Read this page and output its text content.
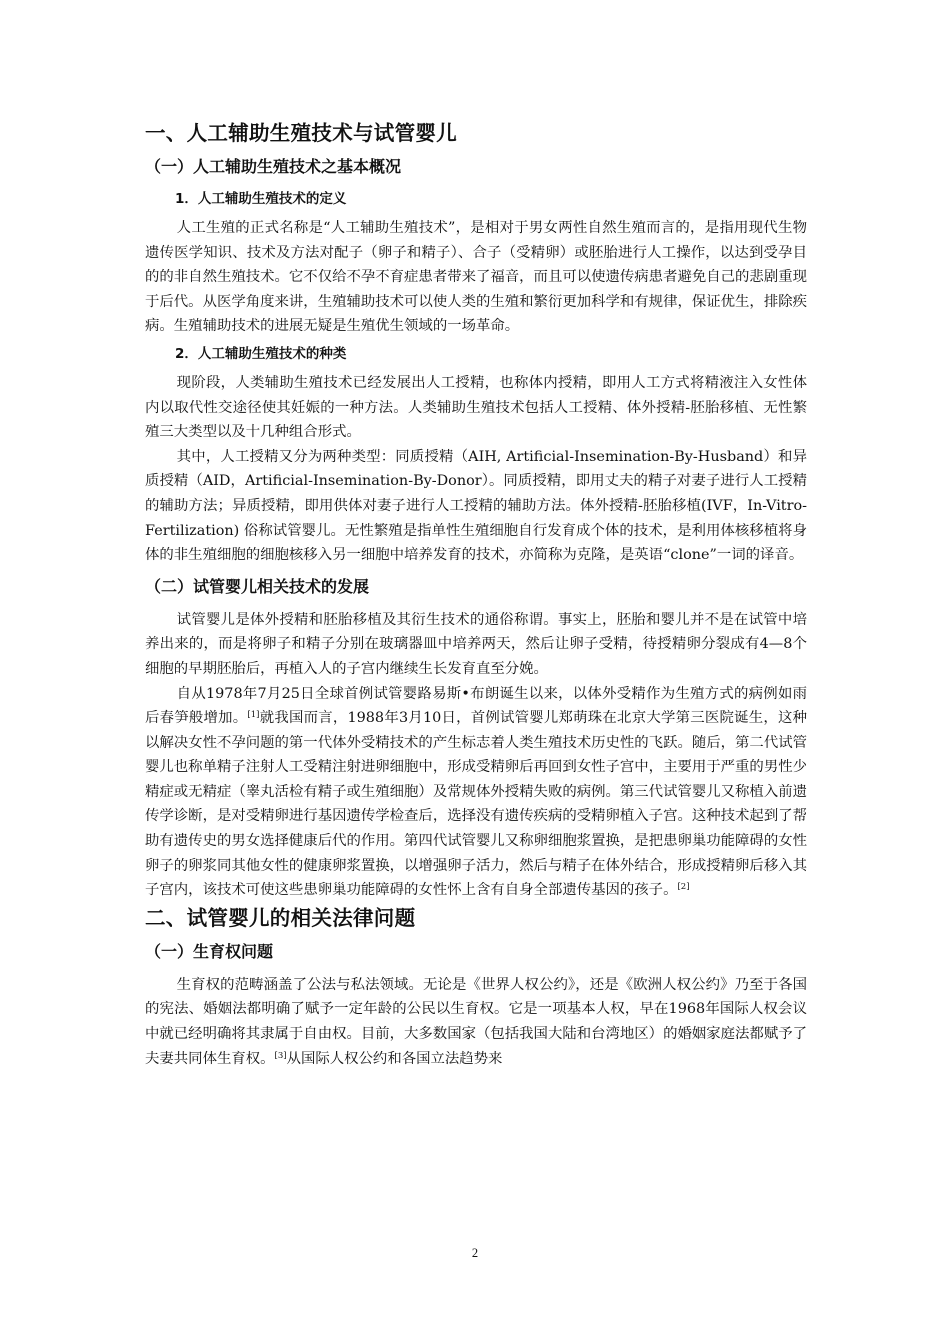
一、人工辅助生殖技术与试管婴儿
（一）人工辅助生殖技术之基本概况
1．人工辅助生殖技术的定义

人工生殖的正式名称是“人工辅助生殖技术”，是相对于男女两性自然生殖而言的，是指用现代生物遗传医学知识、技术及方法对配子（卵子和精子）、合子（受精卵）或胚胎进行人工操作，以达到受孕目的的非自然生殖技术。它不仅给不孕不育症患者带来了福音，而且可以使遗传病患者避免自己的悲剧重现于后代。从医学角度来讲，生殖辅助技术可以使人类的生殖和繁衍更加科学和有规律，保证优生，排除疾病。生殖辅助技术的进展无疑是生殖优生领域的一场革命。

2．人工辅助生殖技术的种类

现阶段，人类辅助生殖技术已经发展出人工授精，也称体内授精，即用人工方式将精液注入女性体内以取代性交途径使其妊娠的一种方法。人类辅助生殖技术包括人工授精、体外授精-胚胎移植、无性繁殖三大类型以及十几种组合形式。

其中，人工授精又分为两种类型：同质授精（AIH, Artificial-Insemination-By-Husband）和异质授精（AID，Artificial-Insemination-By-Donor）。同质授精，即用丈夫的精子对妻子进行人工授精的辅助方法；异质授精，即用供体对妻子进行人工授精的辅助方法。体外授精-胚胎移植(IVF，In-Vitro-Fertilization) 俗称试管婴儿。无性繁殖是指单性生殖细胞自行发育成个体的技术，是利用体核移植将身体的非生殖细胞的细胞核移入另一细胞中培养发育的技术，亦简称为克隆，是英语“clone”一词的译音。

（二）试管婴儿相关技术的发展

试管婴儿是体外授精和胚胎移植及其衍生技术的通俗称谓。事实上，胚胎和婴儿并不是在试管中培养出来的，而是将卵子和精子分别在玻璃器皿中培养两天，然后让卵子受精，待授精卵分裂成有4—8个细胞的早期胚胎后，再植入人的子宫内继续生长发育直至分娩。

自从1978年7月25日全球首例试管婴路易斯•布朗诞生以来，以体外受精作为生殖方式的病例如雨后春笋般增加。[1]就我国而言，1988年3月10日，首例试管婴儿郑萌珠在北京大学第三医院诞生，这种以解决女性不孕问题的第一代体外受精技术的产生标志着人类生殖技术历史性的飞跃。随后，第二代试管婴儿也称单精子注射人工受精注射进卵细胞中，形成受精卵后再回到女性子宫中，主要用于严重的男性少精症或无精症（睾丸活检有精子或生殖细胞）及常规体外授精失败的病例。第三代试管婴儿又称植入前遗传学诊断，是对受精卵进行基因遗传学检查后，选择没有遗传疾病的受精卵植入子宫。这种技术起到了帮助有遗传史的男女选择健康后代的作用。第四代试管婴儿又称卵细胞浆置换，是把患卵巢功能障碍的女性卵子的卵浆同其他女性的健康卵浆置换，以增强卵子活力，然后与精子在体外结合，形成授精卵后移入其子宫内，该技术可使这些患卵巢功能障碍的女性怀上含有自身全部遗传基因的孩子。[2]

二、试管婴儿的相关法律问题
（一）生育权问题

生育权的范畴涵盖了公法与私法领域。无论是《世界人权公约》，还是《欧洲人权公约》乃至于各国的宪法、婚姻法都明确了赋予一定年龄的公民以生育权。它是一项基本人权，早在1968年国际人权会议中就已经明确将其隶属于自由权。目前，大多数国家（包括我国大陆和台湾地区）的婚姻家庭法都赋予了夫妻共同体生育权。[3]从国际人权公约和各国立法趋势来

2
